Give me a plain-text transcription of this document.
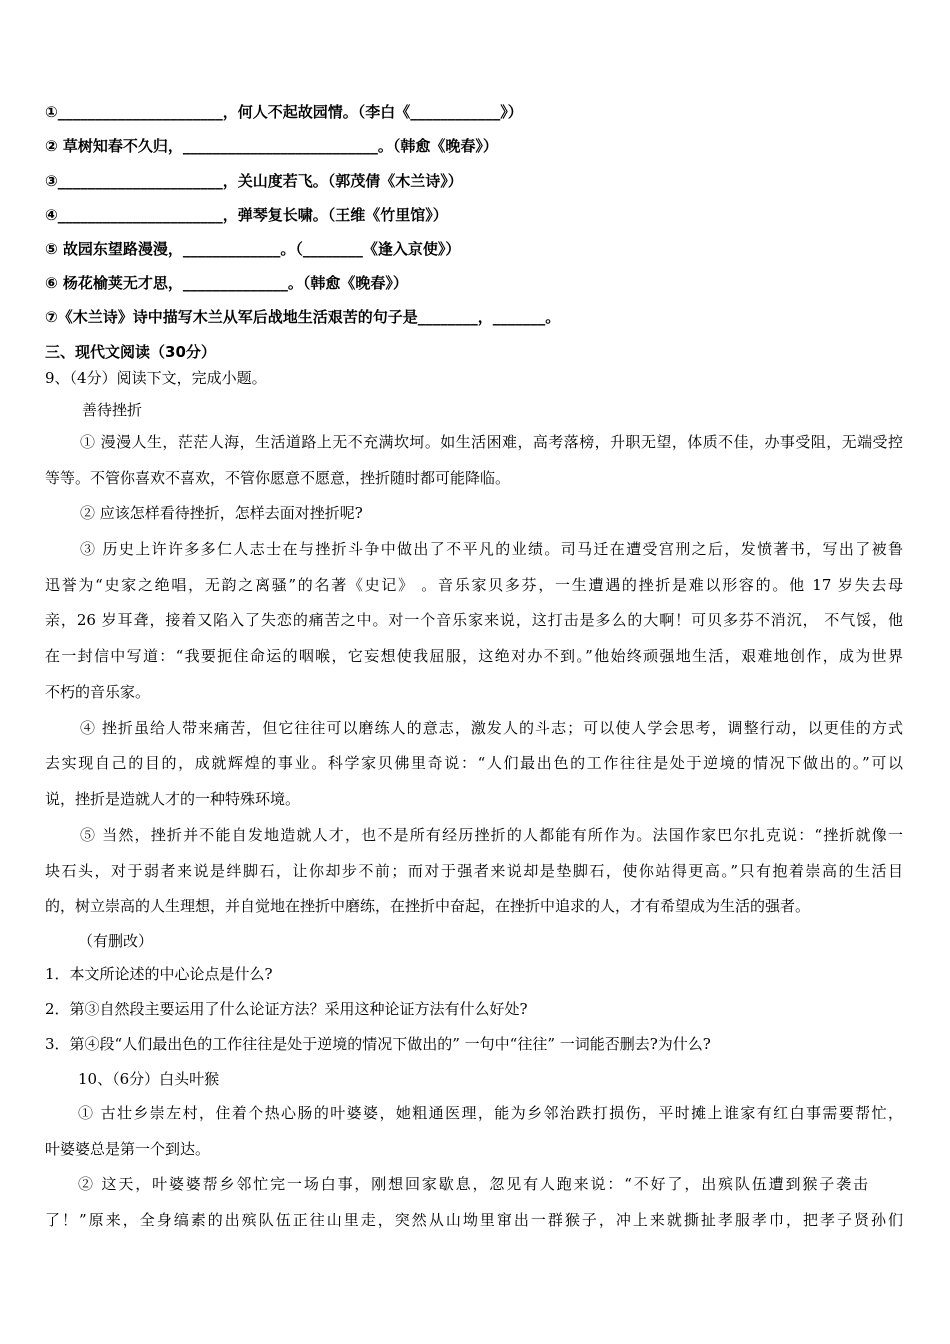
①______________________，何人不起故园情。（李白《____________》）
② 草树知春不久归，__________________________。（韩愈《晚春》）
③______________________，关山度若飞。（郭茂倩《木兰诗》）
④______________________，弹琴复长啸。（王维《竹里馆》）
⑤ 故园东望路漫漫，_____________。（________《逢入京使》）
⑥ 杨花榆荚无才思，______________。（韩愈《晚春》）
⑦《木兰诗》诗中描写木兰从军后战地生活艰苦的句子是________，_______。
三、现代文阅读（30分）
9、（4分）阅读下文，完成小题。
善待挫折
① 漫漫人生，茫茫人海，生活道路上无不充满坎坷。如生活困难，高考落榜，升职无望，体质不佳，办事受阻，无端受控
等等。不管你喜欢不喜欢，不管你愿意不愿意，挫折随时都可能降临。
② 应该怎样看待挫折，怎样去面对挫折呢?
③ 历史上许许多多仁人志士在与挫折斗争中做出了不平凡的业绩。司马迁在遭受宫刑之后，发愤著书，写出了被鲁
迅誉为“史家之绝唱，无韵之离骚”的名著《史记》 。音乐家贝多芬，一生遭遇的挫折是难以形容的。他 17 岁失去母
亲，26 岁耳聋，接着又陷入了失恋的痛苦之中。对一个音乐家来说，这打击是多么的大啊！可贝多芬不消沉， 不气馁，他
在一封信中写道：“我要扼住命运的咽喉，它妄想使我屈服，这绝对办不到。”他始终顽强地生活，艰难地创作，成为世界
不朽的音乐家。
④ 挫折虽给人带来痛苦，但它往往可以磨练人的意志，激发人的斗志；可以使人学会思考，调整行动，以更佳的方式
去实现自己的目的，成就辉煌的事业。科学家贝佛里奇说：“人们最出色的工作往往是处于逆境的情况下做出的。”可以
说，挫折是造就人才的一种特殊环境。
⑤ 当然，挫折并不能自发地造就人才，也不是所有经历挫折的人都能有所作为。法国作家巴尔扎克说：“挫折就像一
块石头，对于弱者来说是绊脚石，让你却步不前；而对于强者来说却是垫脚石，使你站得更高。”只有抱着崇高的生活目
的，树立崇高的人生理想，并自觉地在挫折中磨练，在挫折中奋起，在挫折中追求的人，才有希望成为生活的强者。
（有删改）
1．本文所论述的中心论点是什么?
2．第③自然段主要运用了什么论证方法？采用这种论证方法有什么好处?
3．第④段“人们最出色的工作往往是处于逆境的情况下做出的” 一句中“往往” 一词能否删去?为什么?
10、（6分）白头叶猴
① 古壮乡崇左村，住着个热心肠的叶婆婆，她粗通医理，能为乡邻治跌打损伤，平时摊上谁家有红白事需要帮忙，
叶婆婆总是第一个到达。
② 这天，叶婆婆帮乡邻忙完一场白事，刚想回家歇息，忽见有人跑来说：“不好了，出殡队伍遭到猴子袭击
了！”原来，全身缟素的出殡队伍正往山里走，突然从山坳里窜出一群猴子，冲上来就撕扯孝服孝巾，把孝子贤孙们
